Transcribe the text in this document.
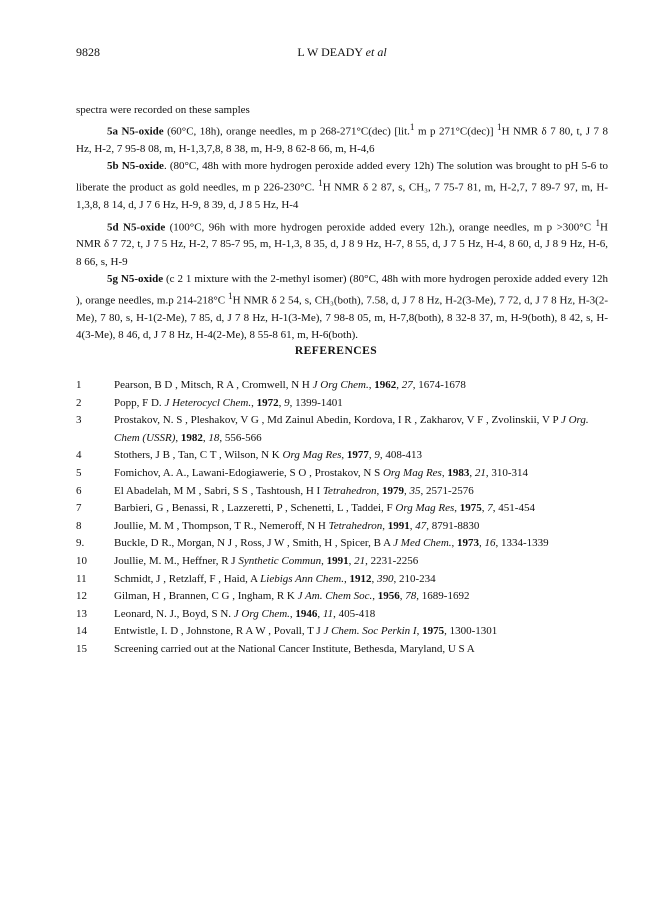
9828	L W DEADY et al

spectra were recorded on these samples

5a N5-oxide (60°C, 18h), orange needles, m p 268-271°C(dec) [lit.$^1$ m p 271°C(dec)] $^1$H NMR δ 7 80, t, J 7 8 Hz, H-2, 7 95-8 08, m, H-1,3,7,8, 8 38, m, H-9, 8 62-8 66, m, H-4,6

5b N5-oxide. (80°C, 48h with more hydrogen peroxide added every 12h) The solution was brought to pH 5-6 to liberate the product as gold needles, m p 226-230°C. $^1$H NMR δ 2 87, s, CH₃, 7 75-7 81, m, H-2,7, 7 89-7 97, m, H-1,3,8, 8 14, d, J 7 6 Hz, H-9, 8 39, d, J 8 5 Hz, H-4

5d N5-oxide (100°C, 96h with more hydrogen peroxide added every 12h.), orange needles, m p >300°C $^1$H NMR δ 7 72, t, J 7 5 Hz, H-2, 7 85-7 95, m, H-1,3, 8 35, d, J 8 9 Hz, H-7, 8 55, d, J 7 5 Hz, H-4, 8 60, d, J 8 9 Hz, H-6, 8 66, s, H-9

5g N5-oxide (c 2 1 mixture with the 2-methyl isomer) (80°C, 48h with more hydrogen peroxide added every 12h ), orange needles, m.p 214-218°C $^1$H NMR δ 2 54, s, CH₃(both), 7.58, d, J 7 8 Hz, H-2(3-Me), 7 72, d, J 7 8 Hz, H-3(2-Me), 7 80, s, H-1(2-Me), 7 85, d, J 7 8 Hz, H-1(3-Me), 7 98-8 05, m, H-7,8(both), 8 32-8 37, m, H-9(both), 8 42, s, H-4(3-Me), 8 46, d, J 7 8 Hz, H-4(2-Me), 8 55-8 61, m, H-6(both).

REFERENCES
1	Pearson, B D , Mitsch, R A , Cromwell, N H J Org Chem., 1962, 27, 1674-1678
2	Popp, F D. J Heterocycl Chem., 1972, 9, 1399-1401
3	Prostakov, N. S , Pleshakov, V G , Md Zainul Abedin, Kordova, I R , Zakharov, V F , Zvolinskii, V P J Org. Chem (USSR), 1982, 18, 556-566
4	Stothers, J B , Tan, C T , Wilson, N K Org Mag Res, 1977, 9, 408-413
5	Fomichov, A. A., Lawani-Edogiawerie, S O , Prostakov, N S Org Mag Res, 1983, 21, 310-314
6	El Abadelah, M M , Sabri, S S , Tashtoush, H I Tetrahedron, 1979, 35, 2571-2576
7	Barbieri, G , Benassi, R , Lazzeretti, P , Schenetti, L , Taddei, F Org Mag Res, 1975, 7, 451-454
8	Joullie, M. M , Thompson, T R., Nemeroff, N H Tetrahedron, 1991, 47, 8791-8830
9.	Buckle, D R., Morgan, N J , Ross, J W , Smith, H , Spicer, B A J Med Chem., 1973, 16, 1334-1339
10	Joullie, M. M., Heffner, R J Synthetic Commun, 1991, 21, 2231-2256
11	Schmidt, J , Retzlaff, F , Haid, A Liebigs Ann Chem., 1912, 390, 210-234
12	Gilman, H , Brannen, C G , Ingham, R K J Am. Chem Soc., 1956, 78, 1689-1692
13	Leonard, N. J., Boyd, S N. J Org Chem., 1946, 11, 405-418
14	Entwistle, I. D , Johnstone, R A W , Povall, T J J Chem. Soc Perkin I, 1975, 1300-1301
15	Screening carried out at the National Cancer Institute, Bethesda, Maryland, U S A
